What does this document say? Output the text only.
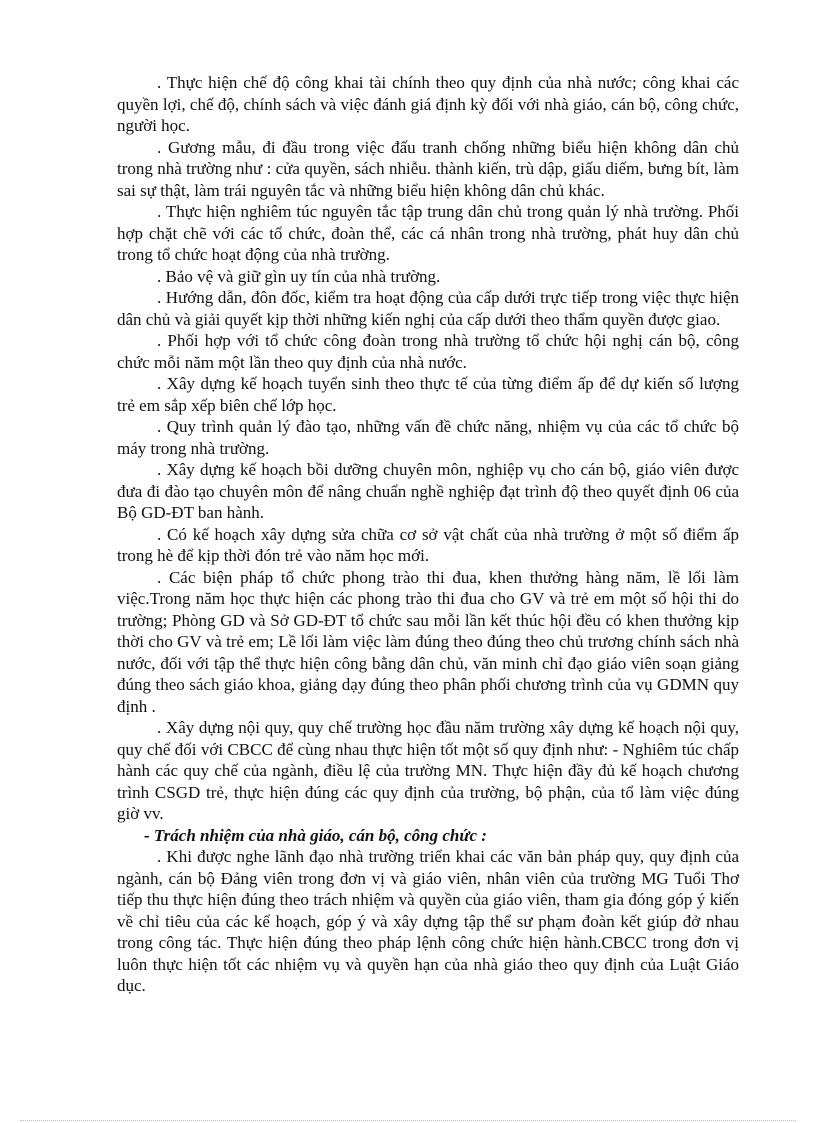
. Thực hiện chế độ công khai tài chính theo quy định của nhà nước; công khai các quyền lợi, chế độ, chính sách và việc đánh giá định kỳ đối với nhà giáo, cán bộ, công chức, người học.

. Gương mẫu, đi đầu trong việc đấu tranh chống những biểu hiện không dân chủ trong nhà trường như : cửa quyền, sách nhiễu. thành kiến, trù dập, giấu diếm, bưng bít, làm sai sự thật, làm trái nguyên tắc và những biểu hiện không dân chủ khác.

. Thực hiện nghiêm túc nguyên tắc tập trung dân chủ trong quản lý nhà trường. Phối hợp chặt chẽ với các tổ chức, đoàn thể, các cá nhân trong nhà trường, phát huy dân chủ trong tổ chức hoạt động của nhà trường.

. Bảo vệ và giữ gìn uy tín của nhà trường.

. Hướng dẫn, đôn đốc, kiểm tra hoạt động của cấp dưới trực tiếp trong việc thực hiện dân chủ và giải quyết kịp thời những kiến nghị của cấp dưới theo thẩm quyền được giao.

. Phối hợp với tổ chức công đoàn trong nhà trường tổ chức hội nghị cán bộ, công chức mỗi năm một lần theo quy định của nhà nước.

. Xây dựng kế hoạch tuyển sinh theo thực tế của từng điểm ấp để dự kiến số lượng trẻ em sắp xếp biên chế lớp học.

. Quy trình quản lý đào tạo, những vấn đề chức năng, nhiệm vụ của các tổ chức bộ máy trong nhà trường.

. Xây dựng kế hoạch bồi dưỡng chuyên môn, nghiệp vụ cho cán bộ, giáo viên được đưa đi đào tạo chuyên môn để nâng chuẩn nghề nghiệp đạt trình độ theo quyết định 06 của Bộ GD-ĐT ban hành.

. Có kế hoạch xây dựng sửa chữa cơ sở vật chất của nhà trường ở một số điểm ấp trong hè để kịp thời đón trẻ vào năm học mới.

. Các biện pháp tổ chức phong trào thi đua, khen thưởng hàng năm, lề lối làm việc.Trong năm học thực hiện các phong trào thi đua cho GV và trẻ em một số hội thi do trường; Phòng GD và Sở GD-ĐT tổ chức sau mỗi lần kết thúc hội đều có khen thưởng kịp thời cho GV và trẻ em; Lề lối làm việc làm đúng theo đúng theo chủ trương chính sách nhà nước, đối với tập thể thực hiện công bằng dân chủ, văn minh chỉ đạo giáo viên soạn giảng đúng theo sách giáo khoa, giảng dạy đúng theo phân phối chương trình của vụ GDMN quy định .

. Xây dựng nội quy, quy chế trường học đầu năm trường xây dựng kế hoạch nội quy, quy chế đối với CBCC để cùng nhau thực hiện tốt một số quy định như: - Nghiêm túc chấp hành các quy chế của ngành, điều lệ của trường MN. Thực hiện đầy đủ kế hoạch chương trình CSGD trẻ, thực hiện đúng các quy định của trường, bộ phận, của tổ làm việc đúng giờ vv.

- Trách nhiệm của nhà giáo, cán bộ, công chức :

. Khi được nghe lãnh đạo nhà trường triển khai các văn bản pháp quy, quy định của ngành, cán bộ Đảng viên trong đơn vị và giáo viên, nhân viên của trường MG Tuổi Thơ tiếp thu thực hiện đúng theo trách nhiệm và quyền của giáo viên, tham gia đóng góp ý kiến về chỉ tiêu của các kế hoạch, góp ý và xây dựng tập thể sư phạm đoàn kết giúp đở nhau trong công tác. Thực hiện đúng theo pháp lệnh công chức hiện hành.CBCC trong đơn vị luôn thực hiện tốt các nhiệm vụ và quyền hạn của nhà giáo theo quy định của Luật Giáo dục.
